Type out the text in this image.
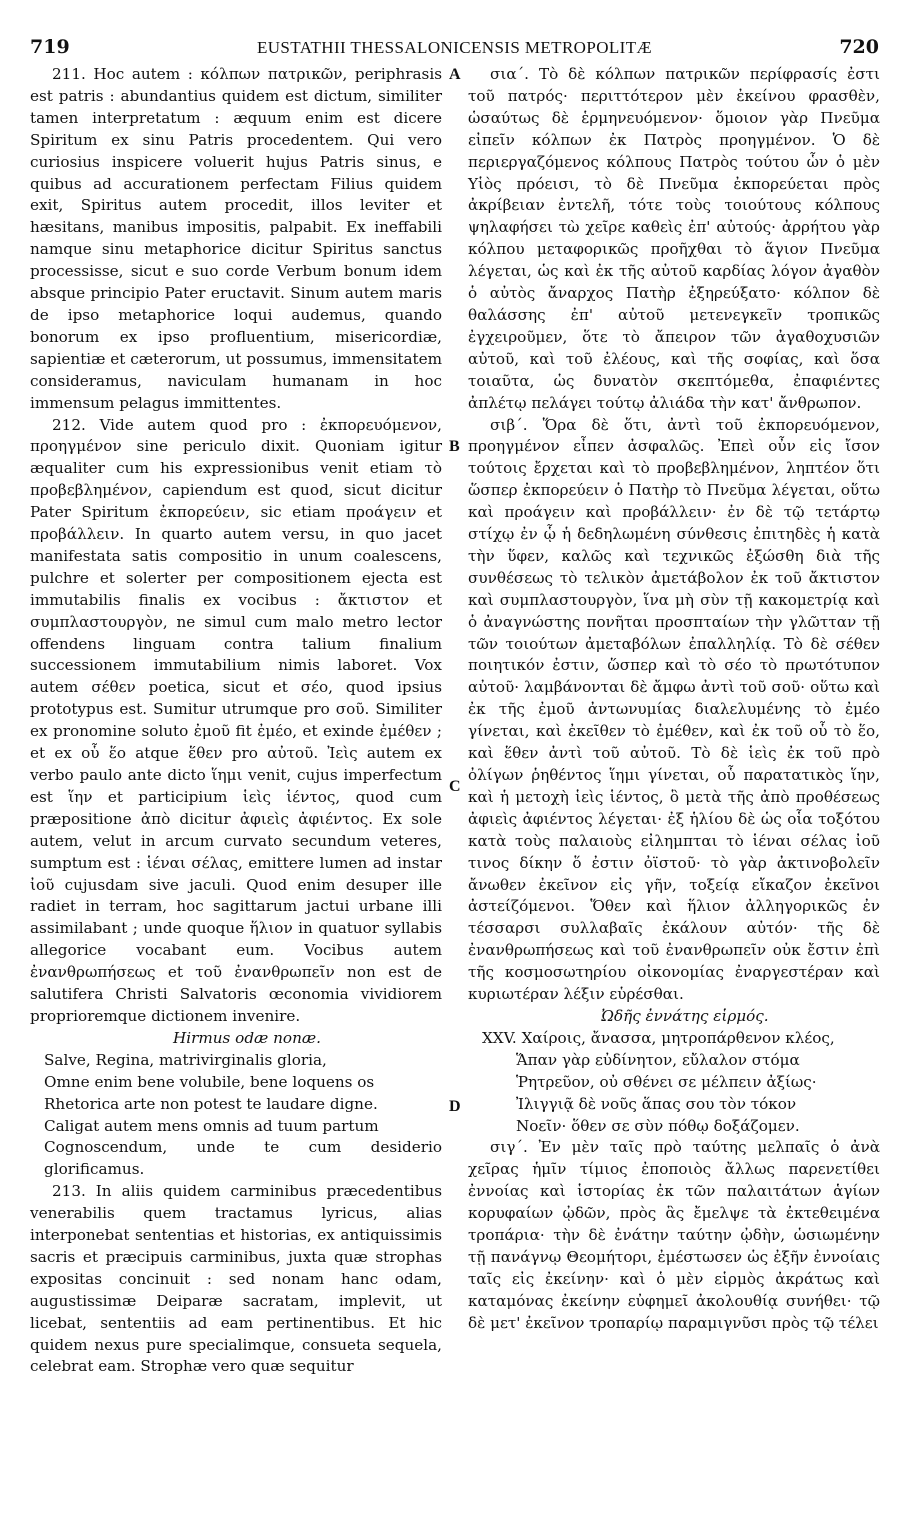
719	EUSTATHII THESSALONICENSIS METROPOLITÆ	720

211. Hoc autem : κόλπων πατρικῶν, periphrasis est patris : abundantius quidem est dictum, similiter tamen interpretatum : æquum enim est dicere Spiritum ex sinu Patris procedentem. Qui vero curiosius inspicere voluerit hujus Patris sinus, e quibus ad accurationem perfectam Filius quidem exit, Spiritus autem procedit, illos leviter et hæsitans, manibus impositis, palpabit. Ex ineffabili namque sinu metaphorice dicitur Spiritus sanctus processisse, sicut e suo corde Verbum bonum idem absque principio Pater eructavit. Sinum autem maris de ipso metaphorice loqui audemus, quando bonorum ex ipso profluentium, misericordiæ, sapientiæ et cæterorum, ut possumus, immensitatem consideramus, naviculam humanam in hoc immensum pelagus immittentes.

212. Vide autem quod pro : ἐκπορευόμενον, προηγμένον sine periculo dixit. Quoniam igitur æqualiter cum his expressionibus venit etiam τὸ προβεβλημένον, capiendum est quod, sicut dicitur Pater Spiritum ἐκπορεύειν, sic etiam προάγειν et προβάλλειν. In quarto autem versu, in quo jacet manifestata satis compositio in unum coalescens, pulchre et solerter per compositionem ejecta est immutabilis finalis ex vocibus : ἄκτιστον et συμπλαστουργὸν, ne simul cum malo metro lector offendens linguam contra talium finalium successionem immutabilium nimis laboret. Vox autem σέθεν poetica, sicut et σέο, quod ipsius prototypus est. Sumitur utrumque pro σοῦ. Similiter ex pronomine soluto ἐμοῦ fit ἐμέο, et exinde ἐμέθεν ; et ex οὗ ἕο atque ἕθεν pro αὐτοῦ. Ἰεὶς autem ex verbo paulo ante dicto ἵημι venit, cujus imperfectum est ἵην et participium ἱεὶς ἱέντος, quod cum præpositione ἀπὸ dicitur ἀφιεὶς ἀφιέντος. Ex sole autem, velut in arcum curvato secundum veteres, sumptum est : ἱέναι σέλας, emittere lumen ad instar ἰοῦ cujusdam sive jaculi. Quod enim desuper ille radiet in terram, hoc sagittarum jactui urbane illi assimilabant ; unde quoque ἥλιον in quatuor syllabis allegorice vocabant eum. Vocibus autem ἐνανθρωπήσεως et τοῦ ἐνανθρωπεῖν non est de salutifera Christi Salvatoris œconomia vividiorem proprioremque dictionem invenire.

Hirmus odæ nonæ.

Salve, Regina, matrivirginalis gloria,
Omne enim bene volubile, bene loquens os
Rhetorica arte non potest te laudare digne.
Caligat autem mens omnis ad tuum partum
Cognoscendum, unde te cum desiderio glorificamus.

213. In aliis quidem carminibus præcedentibus venerabilis quem tractamus lyricus, alias interponebat sententias et historias, ex antiquissimis sacris et præcipuis carminibus, juxta quæ strophas expositas concinuit : sed nonam hanc odam, augustissimæ Deiparæ sacratam, implevit, ut licebat, sententiis ad eam pertinentibus. Et hic quidem nexus pure specialimque, consueta sequela, celebrat eam. Strophæ vero quæ sequitur

σια΄. Τὸ δὲ κόλπων πατρικῶν περίφρασίς ἐστι τοῦ πατρός· περιττότερον μὲν ἐκείνου φρασθὲν, ὡσαύτως δὲ ἑρμηνευόμενον· ὅμοιον γὰρ Πνεῦμα εἰπεῖν κόλπων ἐκ Πατρὸς προηγμένον. Ὁ δὲ περιεργαζόμενος κόλπους Πατρὸς τούτου ὧν ὁ μὲν Υἱὸς πρόεισι, τὸ δὲ Πνεῦμα ἐκπορεύεται πρὸς ἀκρίβειαν ἐντελῆ, τότε τοὺς τοιούτους κόλπους ψηλαφήσει τὼ χεῖρε καθεὶς ἐπ' αὐτούς· ἀρρήτου γὰρ κόλπου μεταφορικῶς προῆχθαι τὸ ἅγιον Πνεῦμα λέγεται, ὡς καὶ ἐκ τῆς αὐτοῦ καρδίας λόγον ἀγαθὸν ὁ αὐτὸς ἄναρχος Πατὴρ ἐξηρεύξατο· κόλπον δὲ θαλάσσης ἐπ' αὐτοῦ μετενεγκεῖν τροπικῶς ἐγχειροῦμεν, ὅτε τὸ ἄπειρον τῶν ἀγαθοχυσιῶν αὐτοῦ, καὶ τοῦ ἐλέους, καὶ τῆς σοφίας, καὶ ὅσα τοιαῦτα, ὡς δυνατὸν σκεπτόμεθα, ἐπαφιέντες ἀπλέτῳ πελάγει τούτῳ ἀλιάδα τὴν κατ' ἄνθρωπον.

σιβ΄. Ὅρα δὲ ὅτι, ἀντὶ τοῦ ἐκπορευόμενον, προηγμένον εἶπεν ἀσφαλῶς. Ἐπεὶ οὖν εἰς ἴσον τούτοις ἔρχεται καὶ τὸ προβεβλημένον, ληπτέον ὅτι ὥσπερ ἐκπορεύειν ὁ Πατὴρ τὸ Πνεῦμα λέγεται, οὕτω καὶ προάγειν καὶ προβάλλειν· ἐν δὲ τῷ τετάρτῳ στίχῳ ἐν ᾧ ἡ δεδηλωμένη σύνθεσις ἐπιτηδὲς ἡ κατὰ τὴν ὕφεν, καλῶς καὶ τεχνικῶς ἐξώσθη διὰ τῆς συνθέσεως τὸ τελικὸν ἀμετάβολον ἐκ τοῦ ἄκτιστον καὶ συμπλαστουργὸν, ἵνα μὴ σὺν τῇ κακομετρίᾳ καὶ ὁ ἀναγνώστης πονῆται προσπταίων τὴν γλῶτταν τῇ τῶν τοιούτων ἀμεταβόλων ἐπαλληλίᾳ. Τὸ δὲ σέθεν ποιητικόν ἐστιν, ὥσπερ καὶ τὸ σέο τὸ πρωτότυπον αὐτοῦ· λαμβάνονται δὲ ἄμφω ἀντὶ τοῦ σοῦ· οὕτω καὶ ἐκ τῆς ἐμοῦ ἀντωνυμίας διαλελυμένης τὸ ἐμέο γίνεται, καὶ ἐκεῖθεν τὸ ἐμέθεν, καὶ ἐκ τοῦ οὗ τὸ ἕο, καὶ ἕθεν ἀντὶ τοῦ αὐτοῦ. Τὸ δὲ ἱεὶς ἐκ τοῦ πρὸ ὀλίγων ῥηθέντος ἵημι γίνεται, οὗ παρατατικὸς ἵην, καὶ ἡ μετοχὴ ἱεὶς ἱέντος, ὃ μετὰ τῆς ἀπὸ προθέσεως ἀφιεὶς ἀφιέντος λέγεται· ἐξ ἡλίου δὲ ὡς οἷα τοξότου κατὰ τοὺς παλαιοὺς εἰλημπται τὸ ἱέναι σέλας ἰοῦ τινος δίκην ὅ ἐστιν ὀϊστοῦ· τὸ γὰρ ἀκτινοβολεῖν ἄνωθεν ἐκεῖνον εἰς γῆν, τοξείᾳ εἴκαζον ἐκεῖνοι ἀστείζόμενοι. Ὅθεν καὶ ἥλιον ἀλληγορικῶς ἐν τέσσαρσι συλλαβαῖς ἐκάλουν αὐτόν· τῆς δὲ ἐνανθρωπήσεως καὶ τοῦ ἐνανθρωπεῖν οὐκ ἔστιν ἐπὶ τῆς κοσμοσωτηρίου οἰκονομίας ἐναργεστέραν καὶ κυριωτέραν λέξιν εὑρέσθαι.

Ὠδῆς ἐννάτης εἱρμός.

XXV. Χαίροις, ἄνασσα, μητροπάρθενον κλέος,
Ἅπαν γὰρ εὐδίνητον, εὔλαλον στόμα
Ῥητρεῦον, οὐ σθένει σε μέλπειν ἀξίως·
Ἰλιγγιᾷ δὲ νοῦς ἅπας σου τὸν τόκον
Νοεῖν· ὅθεν σε σὺν πόθῳ δοξάζομεν.

σιγ΄. Ἐν μὲν ταῖς πρὸ ταύτης μελπαῖς ὁ ἀνὰ χεῖρας ἡμῖν τίμιος ἐποποιὸς ἄλλως παρενετίθει ἐννοίας καὶ ἱστορίας ἐκ τῶν παλαιτάτων ἁγίων κορυφαίων ᾠδῶν, πρὸς ἃς ἔμελψε τὰ ἐκτεθειμένα τροπάρια· τὴν δὲ ἐνάτην ταύτην ᾠδὴν, ὡσιωμένην τῇ πανάγνῳ Θεομήτορι, ἐμέστωσεν ὡς ἐξῆν ἐννοίαις ταῖς εἰς ἐκείνην· καὶ ὁ μὲν εἱρμὸς ἀκράτως καὶ καταμόνας ἐκείνην εὐφημεῖ ἀκολουθίᾳ συνήθει· τῷ δὲ μετ' ἐκεῖνον τροπαρίῳ παραμιγνῦσι πρὸς τῷ τέλει

A
B
C
D
